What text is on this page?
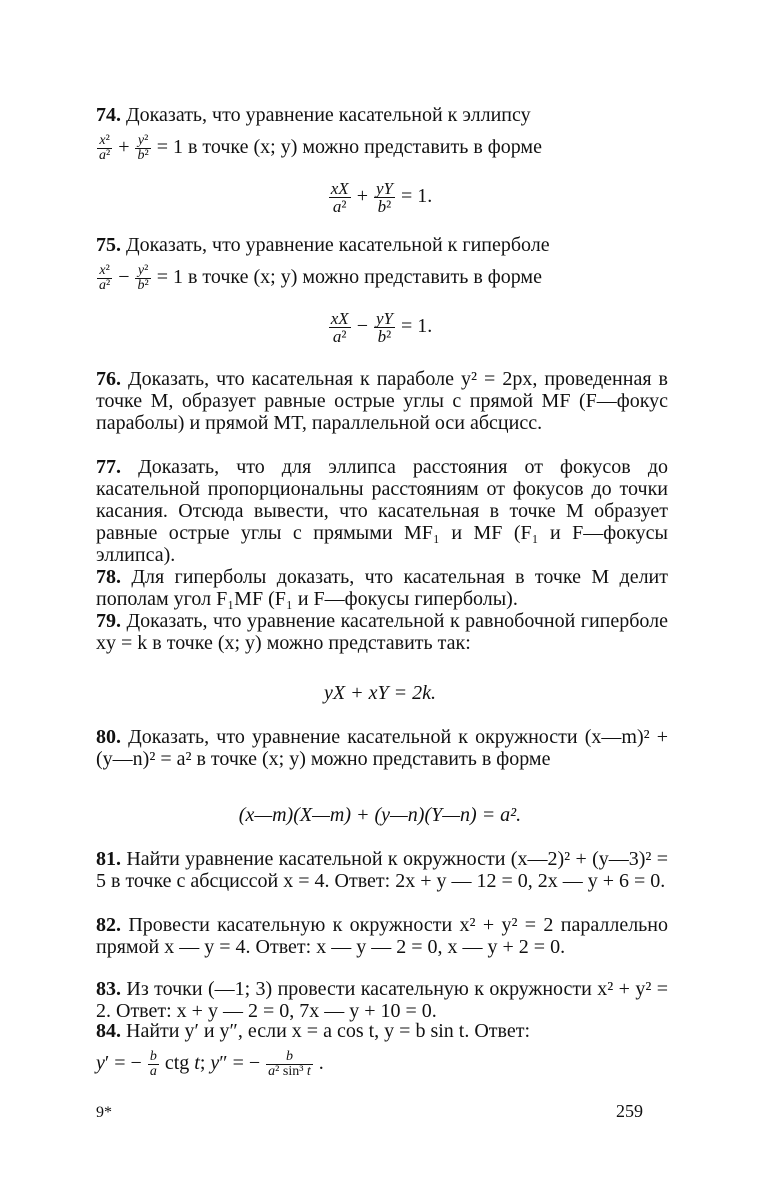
74. Доказать, что уравнение касательной к эллипсу
$\frac{\text{x²}}{\text{a²}} + \frac{\text{y²}}{\text{b²}} = 1$ в точке (x; y) можно представить в форме
$\frac{xX}{\text{a²}} + \frac{yY}{\text{b²}} = 1$.
75. Доказать, что уравнение касательной к гиперболе
$\frac{\text{x²}}{\text{a²}} - \frac{\text{y²}}{\text{b²}} = 1$ в точке (x; y) можно представить в форме
$\frac{xX}{\text{a²}} - \frac{yY}{\text{b²}} = 1$.

76. Доказать, что касательная к параболе y² = 2px, проведенная в точке M, образует равные острые углы с прямой MF (F—фокус параболы) и прямой MT, параллельной оси абсцисс.

77. Доказать, что для эллипса расстояния от фокусов до касательной пропорциональны расстояниям от фокусов до точки касания. Отсюда вывести, что касательная в точке M образует равные острые углы с прямыми MF₁ и MF (F₁ и F—фокусы эллипса).

78. Для гиперболы доказать, что касательная в точке M делит пополам угол F₁MF (F₁ и F—фокусы гиперболы).

79. Доказать, что уравнение касательной к равнобочной гиперболе xy = k в точке (x; y) можно представить так:

yX + xY = 2k.

80. Доказать, что уравнение касательной к окружности (x—m)² + (y—n)² = a² в точке (x; y) можно представить в форме

(x—m)(X—m) + (y—n)(Y—n) = a².

81. Найти уравнение касательной к окружности (x—2)² + (y—3)² = 5 в точке с абсциссой x = 4. Ответ: 2x + y — 12 = 0, 2x — y + 6 = 0.

82. Провести касательную к окружности x² + y² = 2 параллельно прямой x — y = 4. Ответ: x — y — 2 = 0, x — y + 2 = 0.

83. Из точки (—1; 3) провести касательную к окружности x² + y² = 2. Ответ: x + y — 2 = 0, 7x — y + 10 = 0.

84. Найти y′ и y″, если x = a cos t, y = b sin t. Ответ:

y′ = − $\frac{b}{a}$ ctg t; y″ = − $\frac{b}{\text{a² sin³ t}}$ .
9*	259
